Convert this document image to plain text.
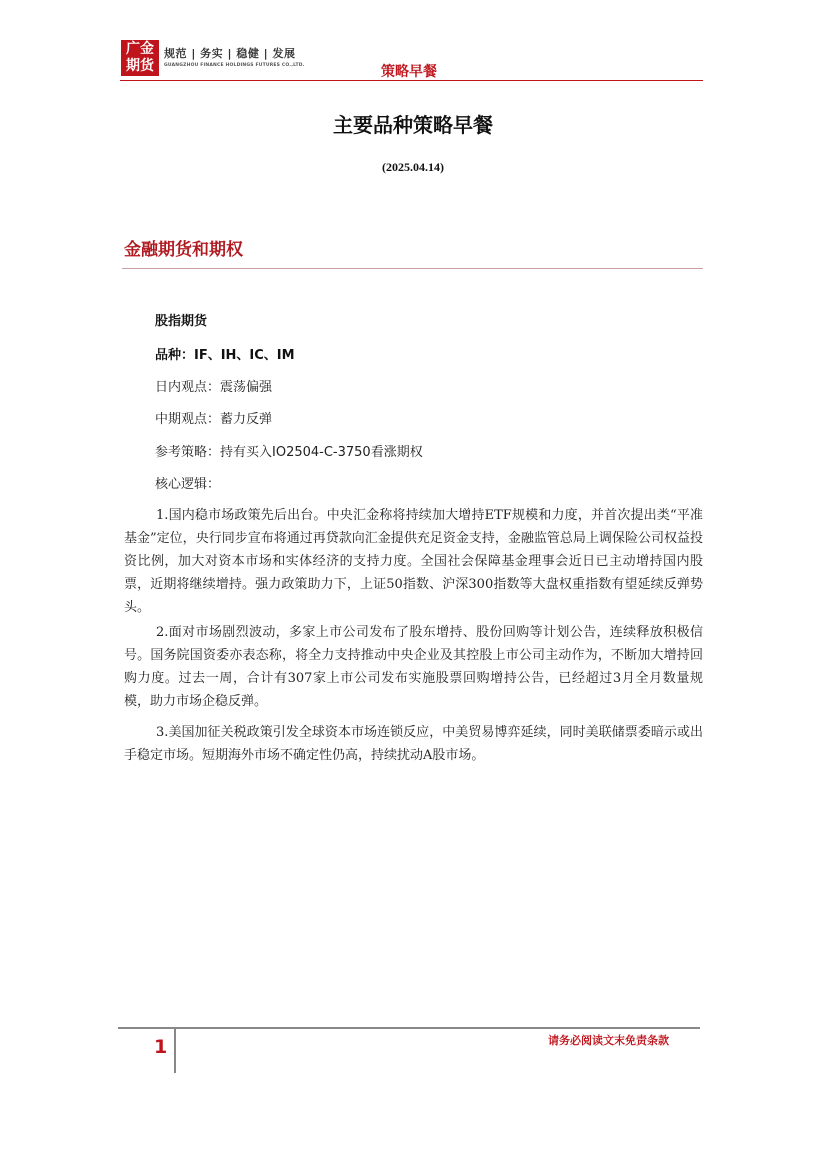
广金
期货
规范 | 务实 | 稳健 | 发展
GUANGZHOU FINANCE HOLDINGS FUTURES CO.,LTD.	策略早餐
主要品种策略早餐
(2025.04.14)
金融期货和期权
股指期货
品种：IF、IH、IC、IM
日内观点：震荡偏强
中期观点：蓄力反弹
参考策略：持有买入IO2504-C-3750看涨期权
核心逻辑：
1.国内稳市场政策先后出台。中央汇金称将持续加大增持ETF规模和力度，并首次提出类“平准基金”定位，央行同步宣布将通过再贷款向汇金提供充足资金支持，金融监管总局上调保险公司权益投资比例，加大对资本市场和实体经济的支持力度。全国社会保障基金理事会近日已主动增持国内股票，近期将继续增持。强力政策助力下，上证50指数、沪深300指数等大盘权重指数有望延续反弹势头。
2.面对市场剧烈波动，多家上市公司发布了股东增持、股份回购等计划公告，连续释放积极信号。国务院国资委亦表态称，将全力支持推动中央企业及其控股上市公司主动作为，不断加大增持回购力度。过去一周，合计有307家上市公司发布实施股票回购增持公告，已经超过3月全月数量规模，助力市场企稳反弹。
3.美国加征关税政策引发全球资本市场连锁反应，中美贸易博弈延续，同时美联储票委暗示或出手稳定市场。短期海外市场不确定性仍高，持续扰动A股市场。
1	请务必阅读文末免责条款
